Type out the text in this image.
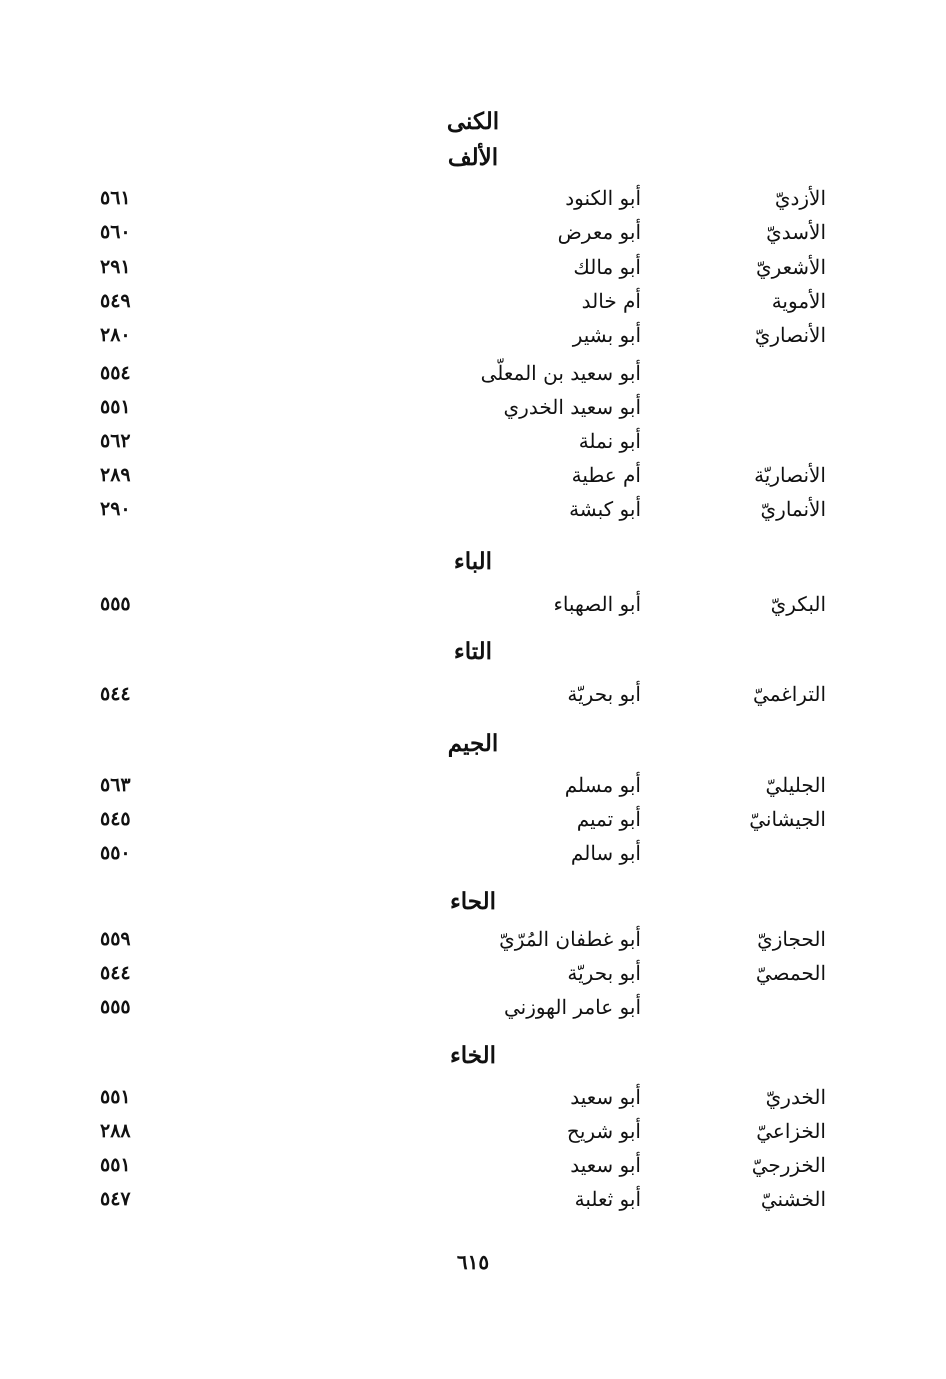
الكنى
الألف
الأزديّ
أبو الكنود
٥٦١
الأسديّ
أبو معرض
٥٦٠
الأشعريّ
أبو مالك
٢٩١
الأموية
أم خالد
٥٤٩
الأنصاريّ
أبو بشير
٢٨٠
أبو سعيد بن المعلّى
٥٥٤
أبو سعيد الخدري
٥٥١
أبو نملة
٥٦٢
الأنصاريّة
أم عطية
٢٨٩
الأنماريّ
أبو كبشة
٢٩٠
الباء
البكريّ
أبو الصهباء
٥٥٥
التاء
التراغميّ
أبو بحريّة
٥٤٤
الجيم
الجليليّ
أبو مسلم
٥٦٣
الجيشانيّ
أبو تميم
٥٤٥
أبو سالم
٥٥٠
الحاء
الحجازيّ
أبو غطفان المُرّيّ
٥٥٩
الحمصيّ
أبو بحريّة
٥٤٤
أبو عامر الهوزني
٥٥٥
الخاء
الخدريّ
أبو سعيد
٥٥١
الخزاعيّ
أبو شريح
٢٨٨
الخزرجيّ
أبو سعيد
٥٥١
الخشنيّ
أبو ثعلبة
٥٤٧
٦١٥
